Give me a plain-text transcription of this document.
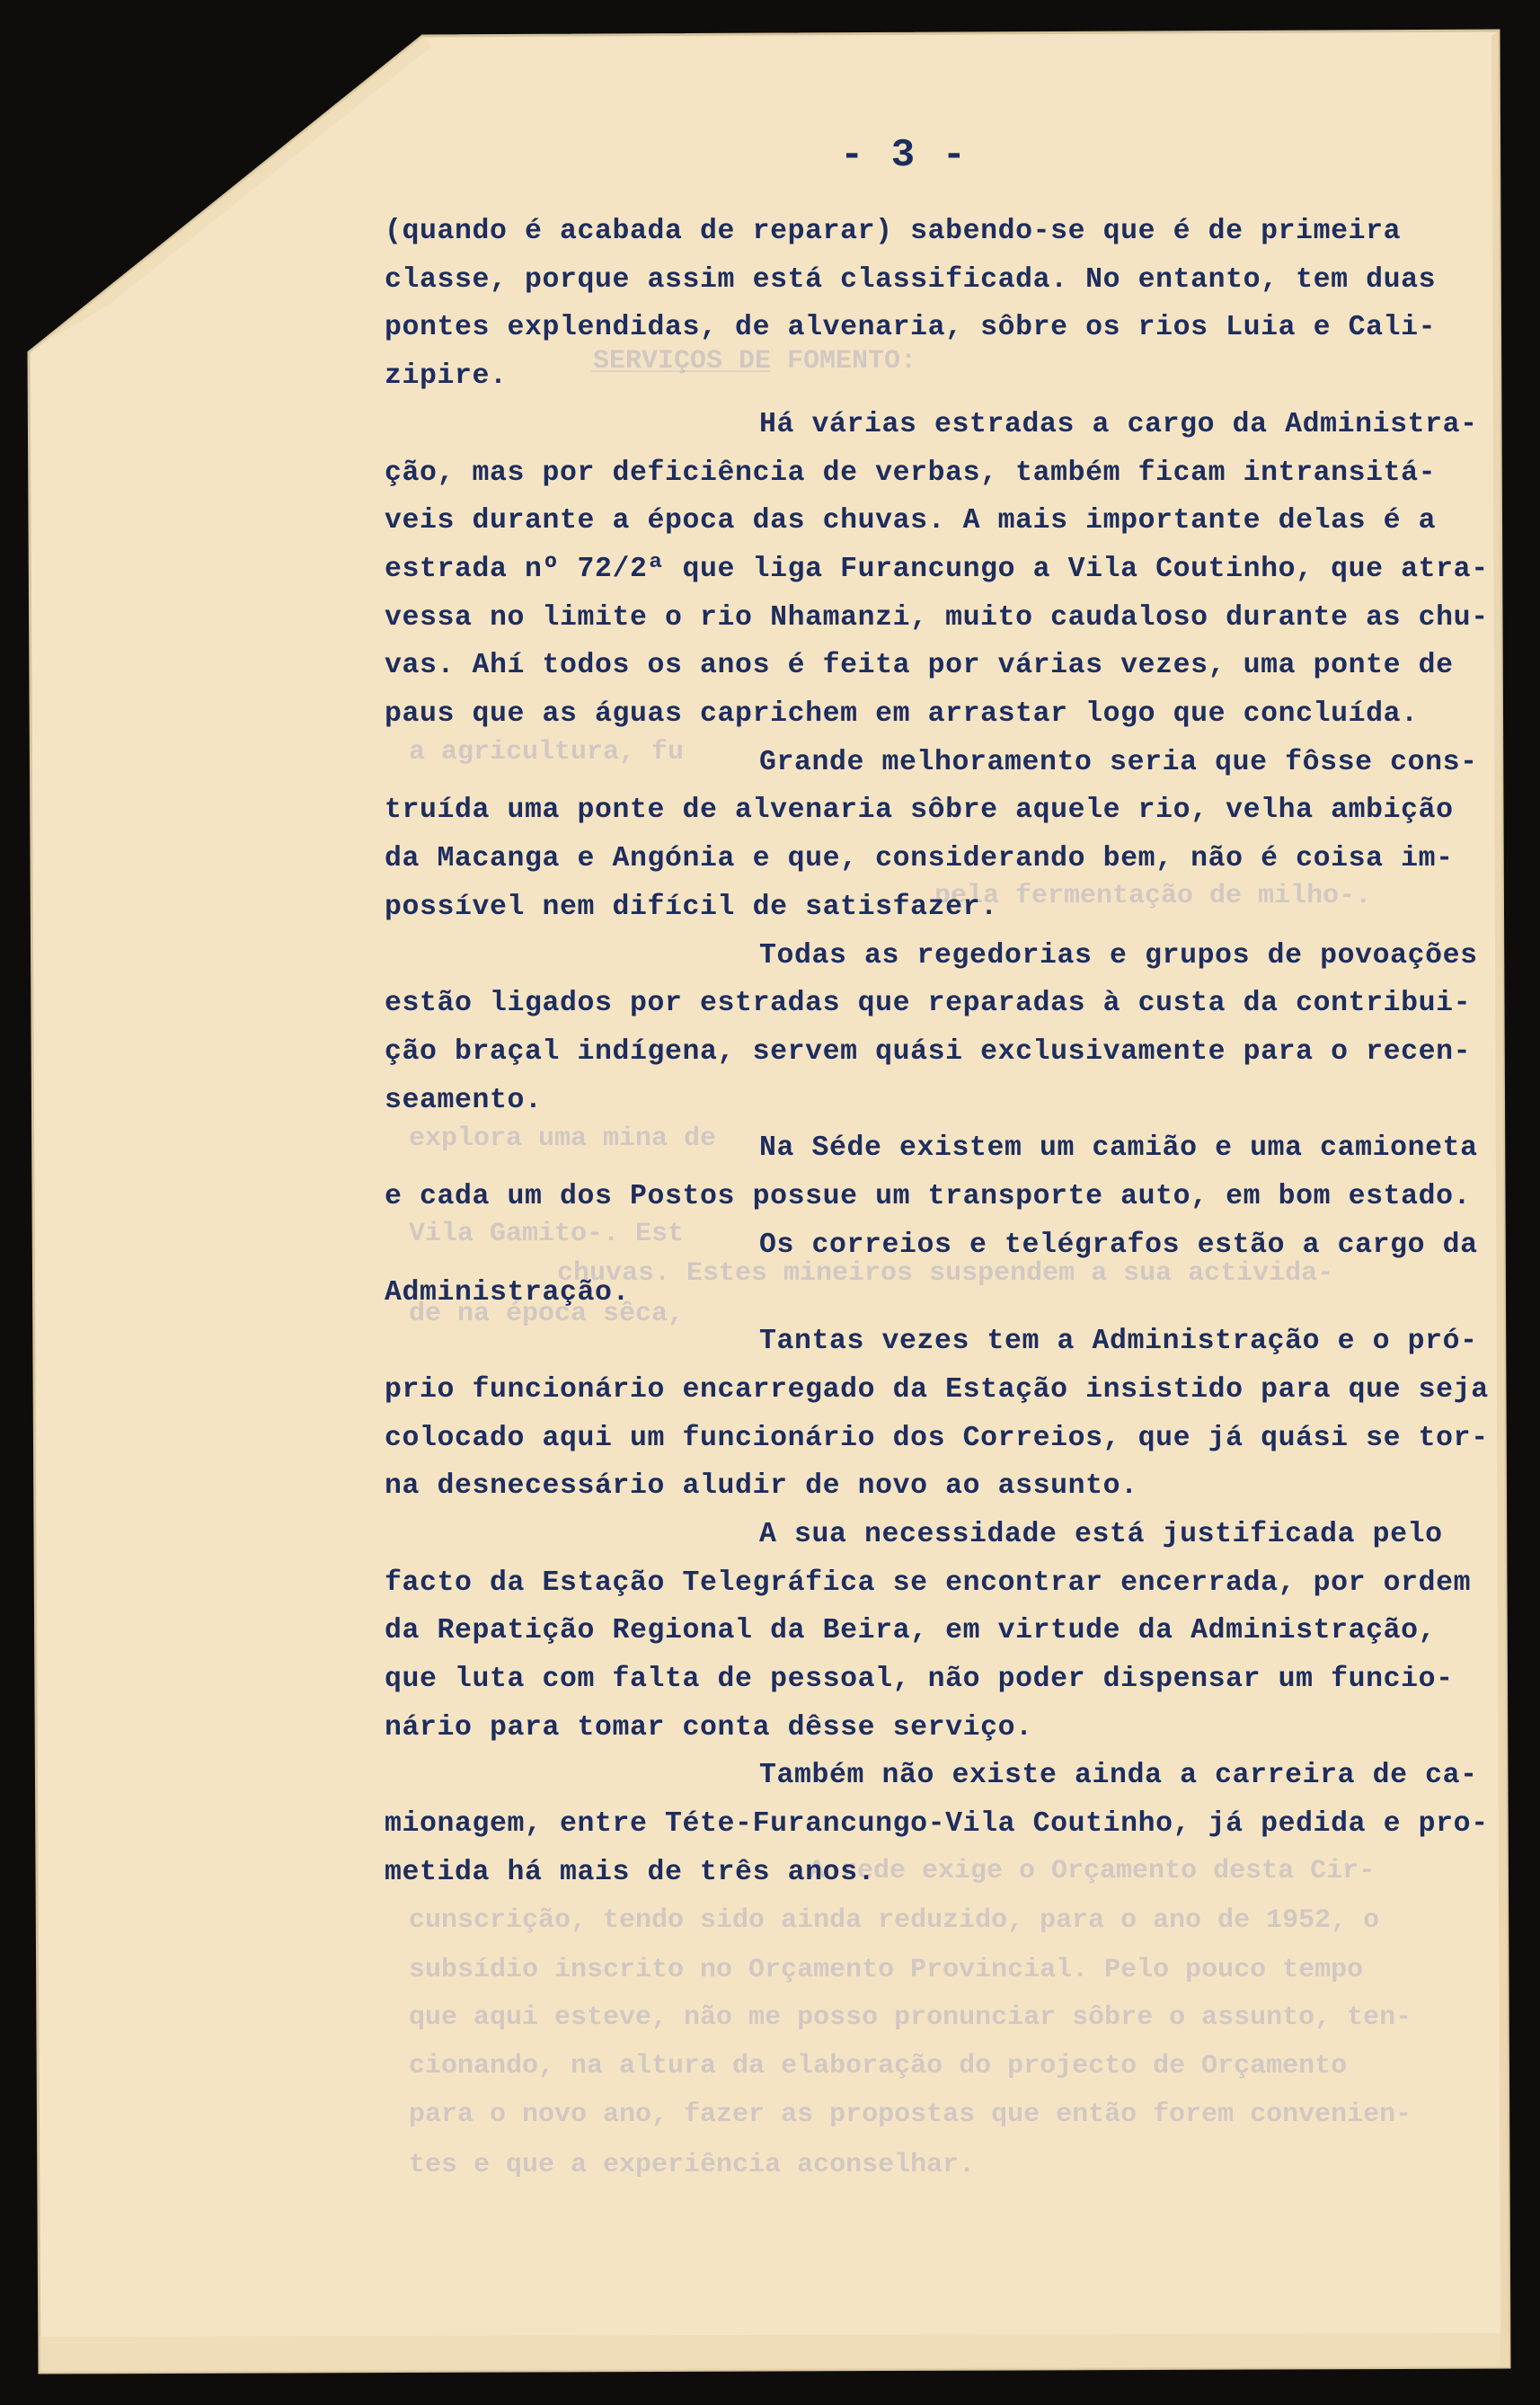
SERVIÇOS DE FOMENTO:
a agricultura, fu
pela fermentação de milho-.
explora uma mina de
Vila Gamito-. Est
chuvas. Estes mineiros suspendem a sua activida-
de na época sêca,
A rede exige o Orçamento desta Cir-
cunscrição, tendo sido ainda reduzido, para o ano de 1952, o
subsídio inscrito no Orçamento Provincial. Pelo pouco tempo
que aqui esteve, não me posso pronunciar sôbre o assunto, ten-
cionando, na altura da elaboração do projecto de Orçamento
para o novo ano, fazer as propostas que então forem convenien-
tes e que a experiência aconselhar.
- 3 -
(quando é acabada de reparar) sabendo-se que é de primeira
classe, porque assim está classificada. No entanto, tem duas
pontes explendidas, de alvenaria, sôbre os rios Luia e Cali-
zipire.
Há várias estradas a cargo da Administra-
ção, mas por deficiência de verbas, também ficam intransitá-
veis durante a época das chuvas. A mais importante delas é a
estrada nº 72/2ª que liga Furancungo a Vila Coutinho, que atra-
vessa no limite o rio Nhamanzi, muito caudaloso durante as chu-
vas. Ahí todos os anos é feita por várias vezes, uma ponte de
paus que as águas caprichem em arrastar logo que concluída.
Grande melhoramento seria que fôsse cons-
truída uma ponte de alvenaria sôbre aquele rio, velha ambição
da Macanga e Angónia e que, considerando bem, não é coisa im-
possível nem difícil de satisfazer.
Todas as regedorias e grupos de povoações
estão ligados por estradas que reparadas à custa da contribui-
ção braçal indígena, servem quási exclusivamente para o recen-
seamento.
Na Séde existem um camião e uma camioneta
e cada um dos Postos possue um transporte auto, em bom estado.
Os correios e telégrafos estão a cargo da
Administração.
Tantas vezes tem a Administração e o pró-
prio funcionário encarregado da Estação insistido para que seja
colocado aqui um funcionário dos Correios, que já quási se tor-
na desnecessário aludir de novo ao assunto.
A sua necessidade está justificada pelo
facto da Estação Telegráfica se encontrar encerrada, por ordem
da Repatição Regional da Beira, em virtude da Administração,
que luta com falta de pessoal, não poder dispensar um funcio-
nário para tomar conta dêsse serviço.
Também não existe ainda a carreira de ca-
mionagem, entre Téte-Furancungo-Vila Coutinho, já pedida e pro-
metida há mais de três anos.
